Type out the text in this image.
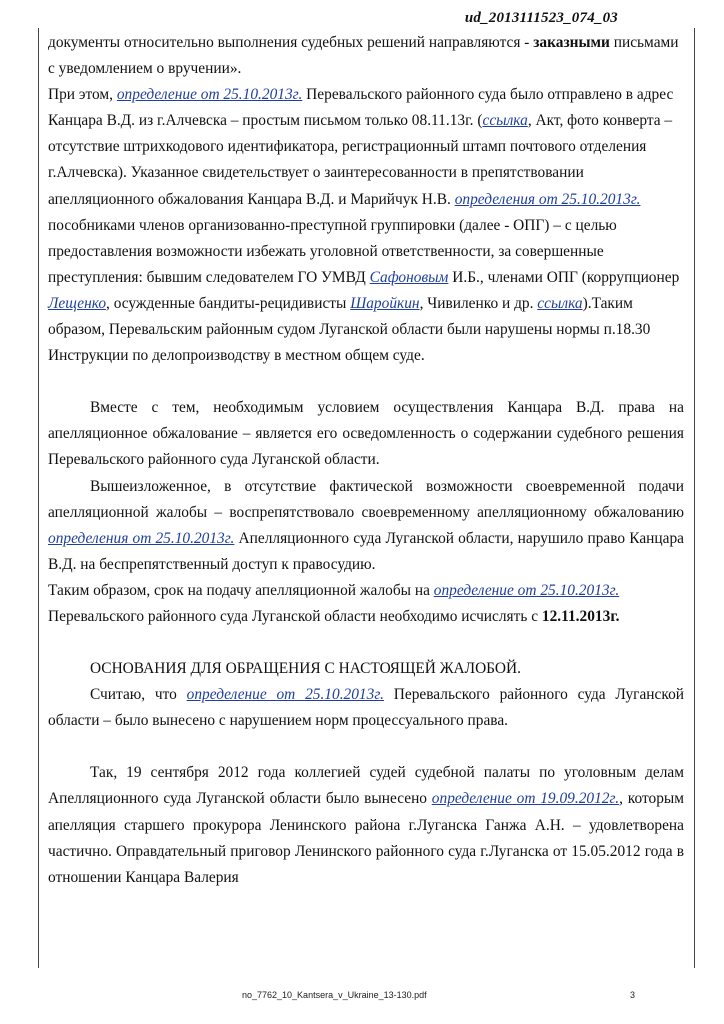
ud_2013111523_074_03

документы относительно выполнения судебных решений направляются - заказными письмами с уведомлением о вручении».

При этом, определение от 25.10.2013г. Перевальского районного суда было отправлено в адрес Канцара В.Д. из г.Алчевска – простым письмом только 08.11.13г. (ссылка, Акт, фото конверта – отсутствие штрихкодового идентификатора, регистрационный штамп почтового отделения г.Алчевска). Указанное свидетельствует о заинтересованности в препятствовании апелляционного обжалования Канцара В.Д. и Марийчук Н.В. определения от 25.10.2013г. пособниками членов организованно-преступной группировки (далее - ОПГ) – с целью предоставления возможности избежать уголовной ответственности, за совершенные преступления: бывшим следователем ГО УМВД Сафоновым И.Б., членами ОПГ (коррупционер Лещенко, осужденные бандиты-рецидивисты Шаройкин, Чивиленко и др. ссылка).Таким образом, Перевальским районным судом Луганской области были нарушены нормы п.18.30 Инструкции по делопроизводству в местном общем суде.

Вместе с тем, необходимым условием осуществления Канцара В.Д. права на апелляционное обжалование – является его осведомленность о содержании судебного решения Перевальского районного суда Луганской области.

Вышеизложенное, в отсутствие фактической возможности своевременной подачи апелляционной жалобы – воспрепятствовало своевременному апелляционному обжалованию определения от 25.10.2013г. Апелляционного суда Луганской области, нарушило право Канцара В.Д. на беспрепятственный доступ к правосудию.

Таким образом, срок на подачу апелляционной жалобы на определение от 25.10.2013г. Перевальского районного суда Луганской области необходимо исчислять с 12.11.2013г.

ОСНОВАНИЯ ДЛЯ ОБРАЩЕНИЯ С НАСТОЯЩЕЙ ЖАЛОБОЙ.

Считаю, что определение от 25.10.2013г. Перевальского районного суда Луганской области – было вынесено с нарушением норм процессуального права.

Так, 19 сентября 2012 года коллегией судей судебной палаты по уголовным делам Апелляционного суда Луганской области было вынесено определение от 19.09.2012г., которым апелляция старшего прокурора Ленинского района г.Луганска Ганжа А.Н. – удовлетворена частично. Оправдательный приговор Ленинского районного суда г.Луганска от 15.05.2012 года в отношении Канцара Валерия

no_7762_10_Kantsera_v_Ukraine_13-130.pdf	3
